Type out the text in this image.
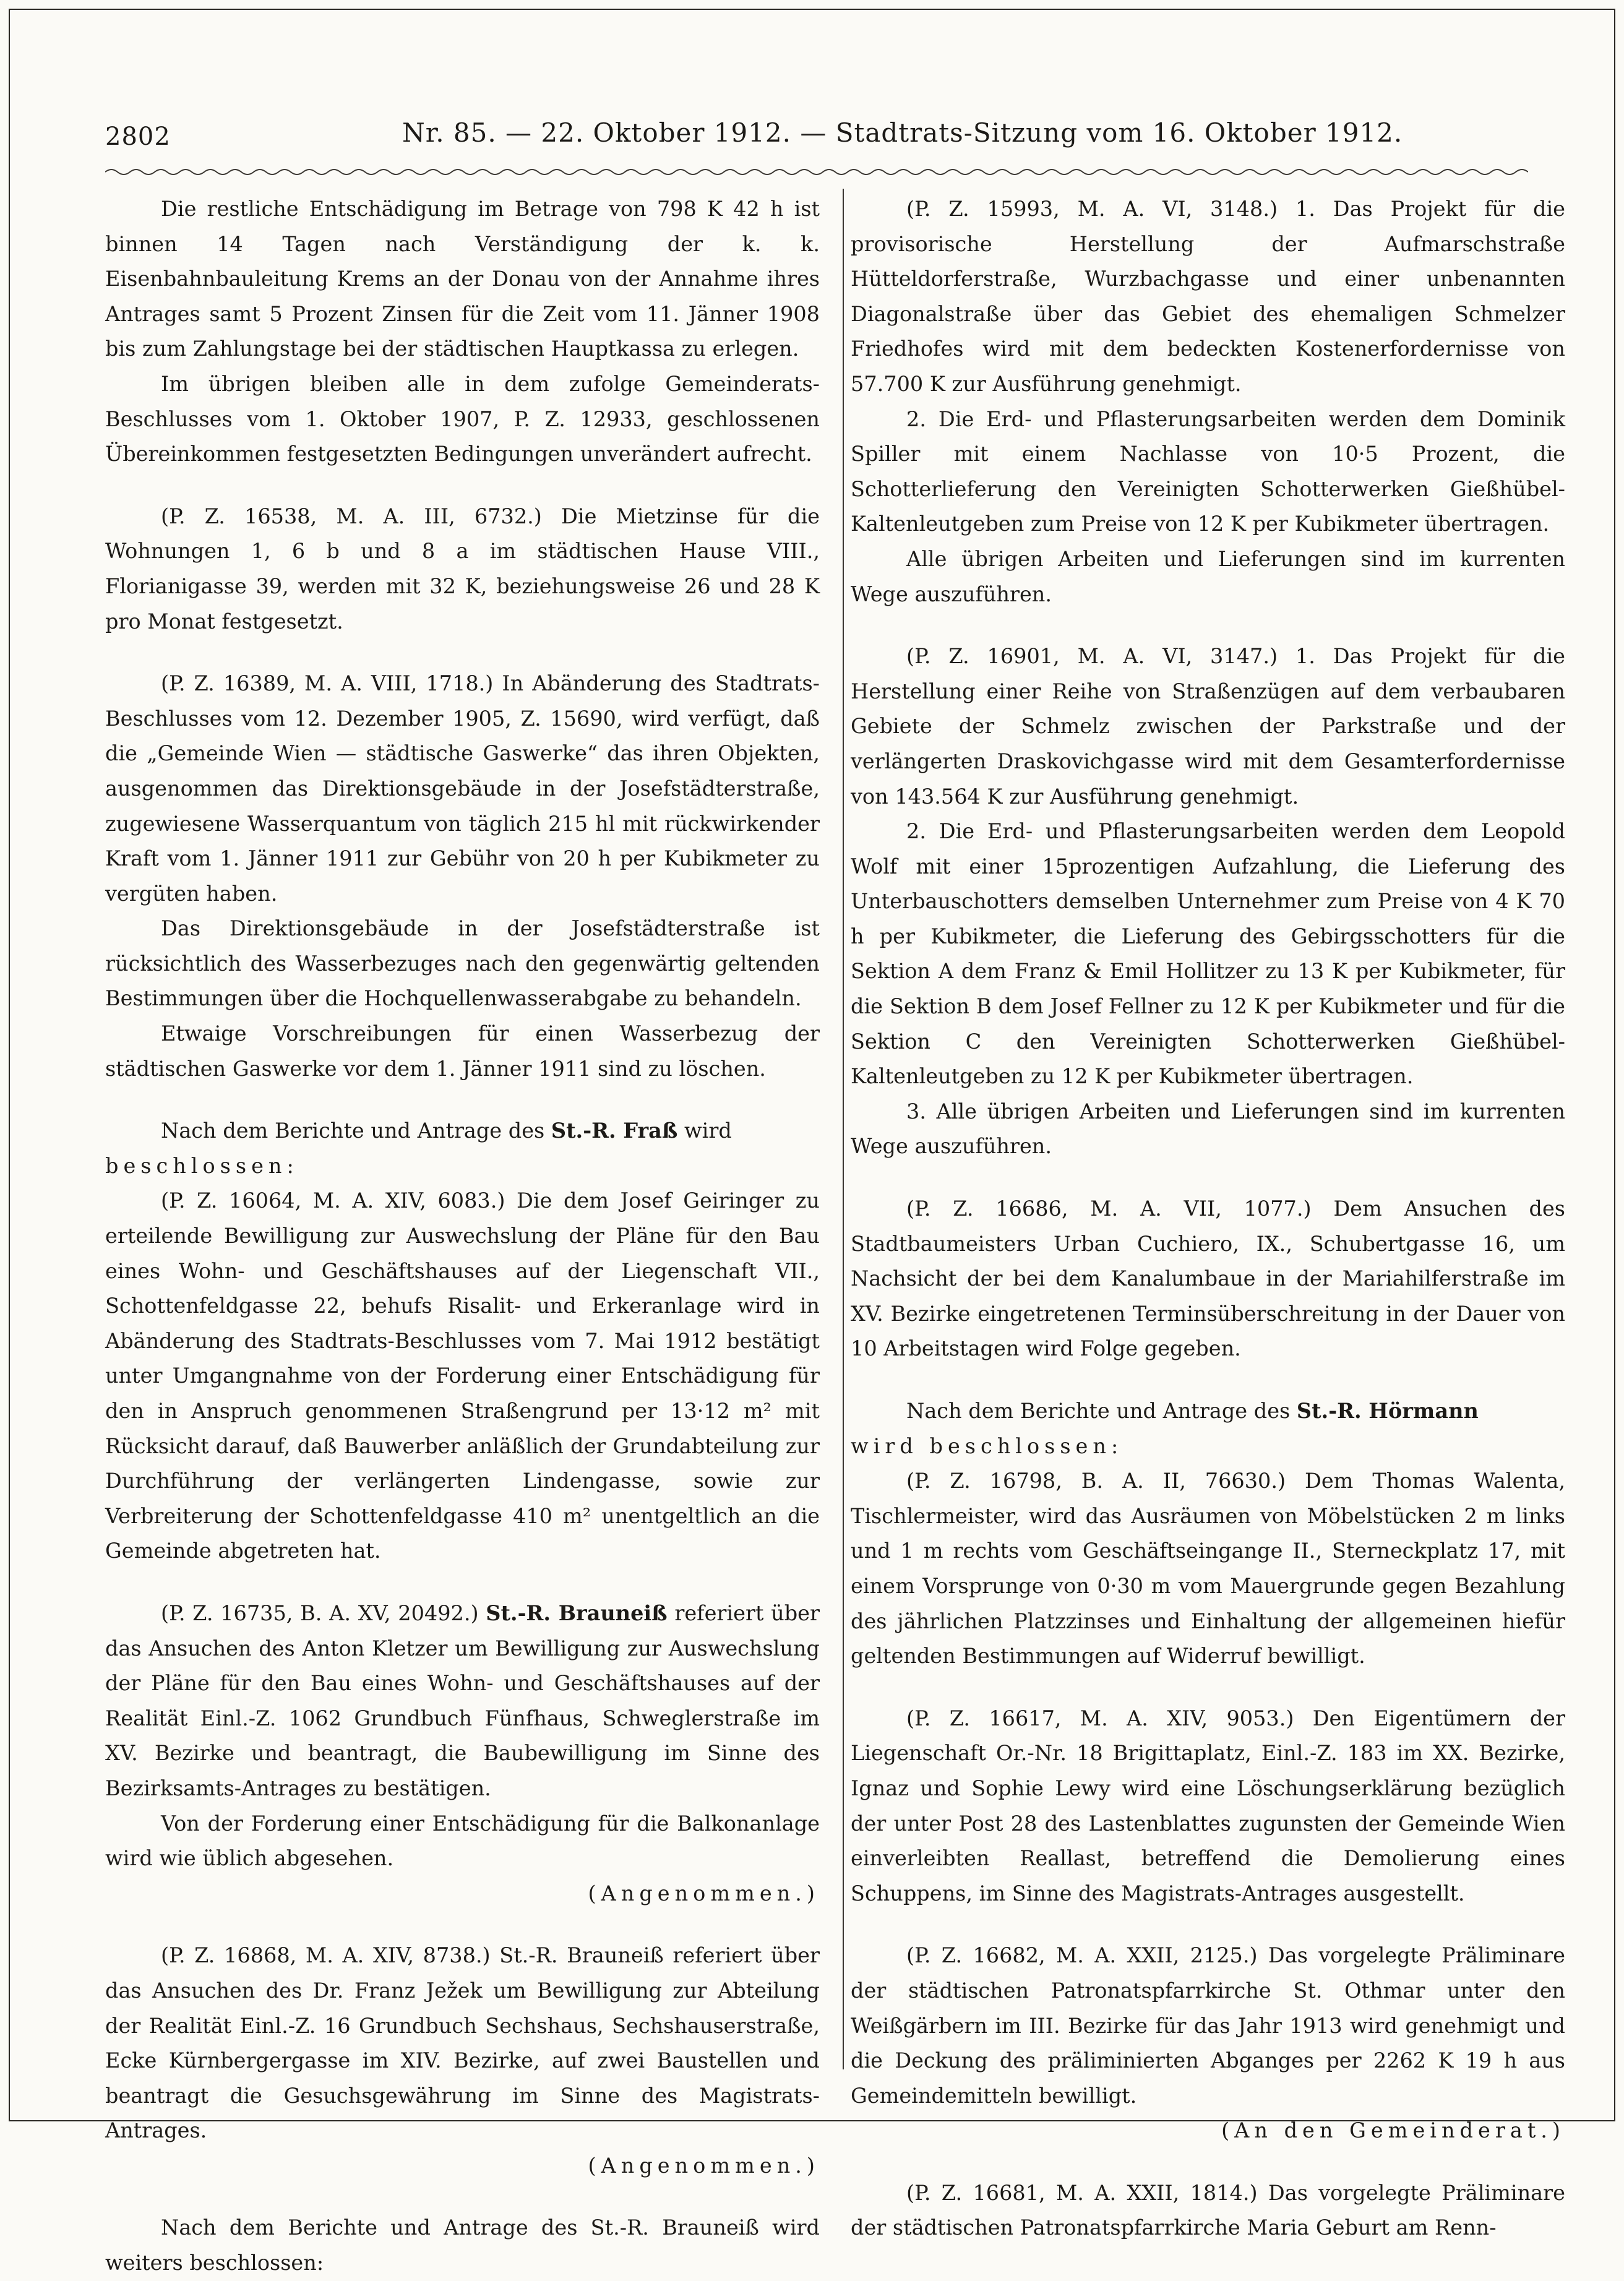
2802	Nr. 85. — 22. Oktober 1912. — Stadtrats-Sitzung vom 16. Oktober 1912.

Die restliche Entschädigung im Betrage von 798 K 42 h ist binnen 14 Tagen nach Verständigung der k. k. Eisenbahnbauleitung Krems an der Donau von der Annahme ihres Antrages samt 5 Prozent Zinsen für die Zeit vom 11. Jänner 1908 bis zum Zahlungstage bei der städtischen Hauptkassa zu erlegen.

Im übrigen bleiben alle in dem zufolge Gemeinderats-Beschlusses vom 1. Oktober 1907, P. Z. 12933, geschlossenen Übereinkommen festgesetzten Bedingungen unverändert aufrecht.

(P. Z. 16538, M. A. III, 6732.) Die Mietzinse für die Wohnungen 1, 6 b und 8 a im städtischen Hause VIII., Florianigasse 39, werden mit 32 K, beziehungsweise 26 und 28 K pro Monat festgesetzt.

(P. Z. 16389, M. A. VIII, 1718.) In Abänderung des Stadtrats-Beschlusses vom 12. Dezember 1905, Z. 15690, wird verfügt, daß die „Gemeinde Wien — städtische Gaswerke“ das ihren Objekten, ausgenommen das Direktionsgebäude in der Josefstädterstraße, zugewiesene Wasserquantum von täglich 215 hl mit rückwirkender Kraft vom 1. Jänner 1911 zur Gebühr von 20 h per Kubikmeter zu vergüten haben.

Das Direktionsgebäude in der Josefstädterstraße ist rücksichtlich des Wasserbezuges nach den gegenwärtig geltenden Bestimmungen über die Hochquellenwasserabgabe zu behandeln.

Etwaige Vorschreibungen für einen Wasserbezug der städtischen Gaswerke vor dem 1. Jänner 1911 sind zu löschen.

Nach dem Berichte und Antrage des St.-R. Fraß wird
beschlossen:

(P. Z. 16064, M. A. XIV, 6083.) Die dem Josef Geiringer zu erteilende Bewilligung zur Auswechslung der Pläne für den Bau eines Wohn- und Geschäftshauses auf der Liegenschaft VII., Schottenfeldgasse 22, behufs Risalit- und Erkeranlage wird in Abänderung des Stadtrats-Beschlusses vom 7. Mai 1912 bestätigt unter Umgangnahme von der Forderung einer Entschädigung für den in Anspruch genommenen Straßengrund per 13·12 m² mit Rücksicht darauf, daß Bauwerber anläßlich der Grundabteilung zur Durchführung der verlängerten Lindengasse, sowie zur Verbreiterung der Schottenfeldgasse 410 m² unentgeltlich an die Gemeinde abgetreten hat.

(P. Z. 16735, B. A. XV, 20492.) St.-R. Brauneiß referiert über das Ansuchen des Anton Kletzer um Bewilligung zur Auswechslung der Pläne für den Bau eines Wohn- und Geschäftshauses auf der Realität Einl.-Z. 1062 Grundbuch Fünfhaus, Schweglerstraße im XV. Bezirke und beantragt, die Baubewilligung im Sinne des Bezirksamts-Antrages zu bestätigen.

Von der Forderung einer Entschädigung für die Balkonanlage wird wie üblich abgesehen.

(Angenommen.)

(P. Z. 16868, M. A. XIV, 8738.) St.-R. Brauneiß referiert über das Ansuchen des Dr. Franz Ježek um Bewilligung zur Abteilung der Realität Einl.-Z. 16 Grundbuch Sechshaus, Sechshauserstraße, Ecke Kürnbergergasse im XIV. Bezirke, auf zwei Baustellen und beantragt die Gesuchsgewährung im Sinne des Magistrats-Antrages.

(Angenommen.)

Nach dem Berichte und Antrage des St.-R. Brauneiß wird weiters beschlossen:

(P. Z. 15993, M. A. VI, 3148.) 1. Das Projekt für die provisorische Herstellung der Aufmarschstraße Hütteldorferstraße, Wurzbachgasse und einer unbenannten Diagonalstraße über das Gebiet des ehemaligen Schmelzer Friedhofes wird mit dem bedeckten Kostenerfordernisse von 57.700 K zur Ausführung genehmigt.

2. Die Erd- und Pflasterungsarbeiten werden dem Dominik Spiller mit einem Nachlasse von 10·5 Prozent, die Schotterlieferung den Vereinigten Schotterwerken Gießhübel-Kaltenleutgeben zum Preise von 12 K per Kubikmeter übertragen.

Alle übrigen Arbeiten und Lieferungen sind im kurrenten Wege auszuführen.

(P. Z. 16901, M. A. VI, 3147.) 1. Das Projekt für die Herstellung einer Reihe von Straßenzügen auf dem verbaubaren Gebiete der Schmelz zwischen der Parkstraße und der verlängerten Draskovichgasse wird mit dem Gesamterfordernisse von 143.564 K zur Ausführung genehmigt.

2. Die Erd- und Pflasterungsarbeiten werden dem Leopold Wolf mit einer 15prozentigen Aufzahlung, die Lieferung des Unterbauschotters demselben Unternehmer zum Preise von 4 K 70 h per Kubikmeter, die Lieferung des Gebirgsschotters für die Sektion A dem Franz & Emil Hollitzer zu 13 K per Kubikmeter, für die Sektion B dem Josef Fellner zu 12 K per Kubikmeter und für die Sektion C den Vereinigten Schotterwerken Gießhübel-Kaltenleutgeben zu 12 K per Kubikmeter übertragen.

3. Alle übrigen Arbeiten und Lieferungen sind im kurrenten Wege auszuführen.

(P. Z. 16686, M. A. VII, 1077.) Dem Ansuchen des Stadtbaumeisters Urban Cuchiero, IX., Schubertgasse 16, um Nachsicht der bei dem Kanalumbaue in der Mariahilferstraße im XV. Bezirke eingetretenen Terminsüberschreitung in der Dauer von 10 Arbeitstagen wird Folge gegeben.

Nach dem Berichte und Antrage des St.-R. Hörmann
wird beschlossen:

(P. Z. 16798, B. A. II, 76630.) Dem Thomas Walenta, Tischlermeister, wird das Ausräumen von Möbelstücken 2 m links und 1 m rechts vom Geschäftseingange II., Sterneckplatz 17, mit einem Vorsprunge von 0·30 m vom Mauergrunde gegen Bezahlung des jährlichen Platzzinses und Einhaltung der allgemeinen hiefür geltenden Bestimmungen auf Widerruf bewilligt.

(P. Z. 16617, M. A. XIV, 9053.) Den Eigentümern der Liegenschaft Or.-Nr. 18 Brigittaplatz, Einl.-Z. 183 im XX. Bezirke, Ignaz und Sophie Lewy wird eine Löschungserklärung bezüglich der unter Post 28 des Lastenblattes zugunsten der Gemeinde Wien einverleibten Reallast, betreffend die Demolierung eines Schuppens, im Sinne des Magistrats-Antrages ausgestellt.

(P. Z. 16682, M. A. XXII, 2125.) Das vorgelegte Präliminare der städtischen Patronatspfarrkirche St. Othmar unter den Weißgärbern im III. Bezirke für das Jahr 1913 wird genehmigt und die Deckung des präliminierten Abganges per 2262 K 19 h aus Gemeindemitteln bewilligt.

(An den Gemeinderat.)

(P. Z. 16681, M. A. XXII, 1814.) Das vorgelegte Präliminare der städtischen Patronatspfarrkirche Maria Geburt am Renn-
